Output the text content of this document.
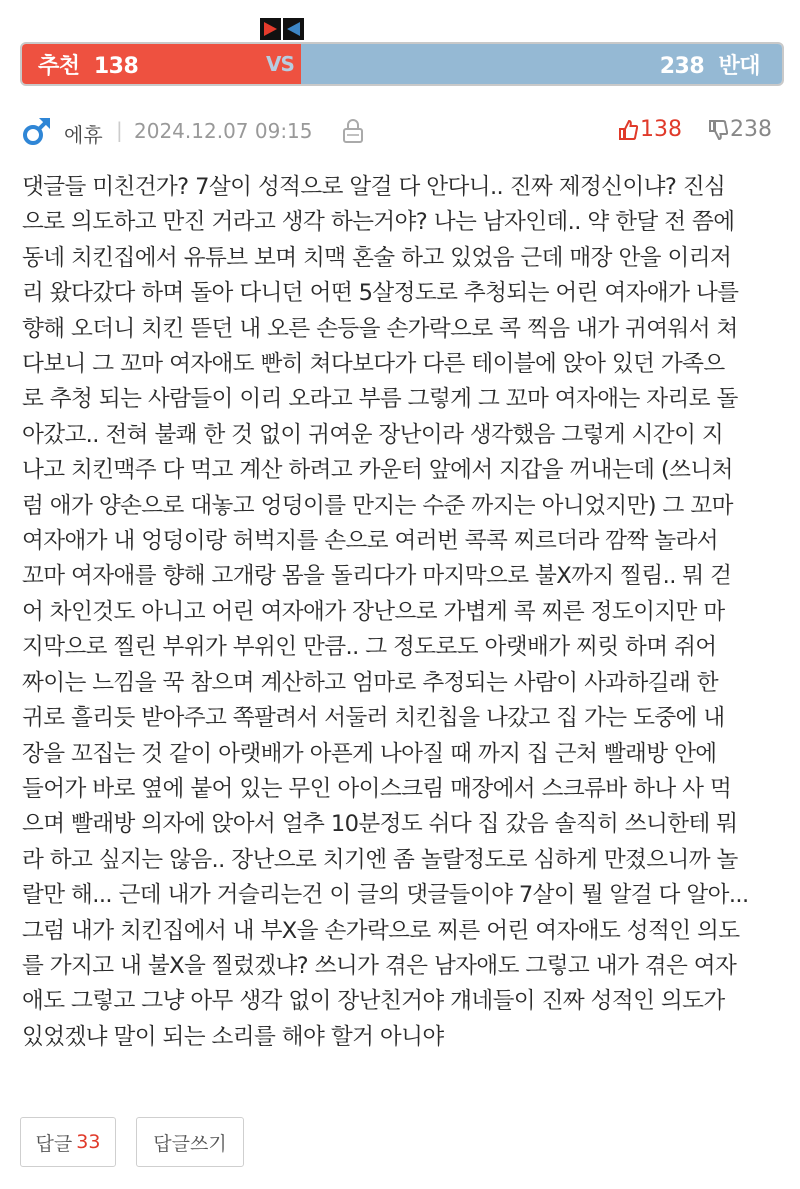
추천 138	238 반대
VS
에휴 | 2024.12.07 09:15	138 238

댓글들 미친건가? 7살이 성적으로 알걸 다 안다니.. 진짜 제정신이냐? 진심

으로 의도하고 만진 거라고 생각 하는거야? 나는 남자인데.. 약 한달 전 쯤에

동네 치킨집에서 유튜브 보며 치맥 혼술 하고 있었음 근데 매장 안을 이리저

리 왔다갔다 하며 돌아 다니던 어떤 5살정도로 추청되는 어린 여자애가 나를

향해 오더니 치킨 뜯던 내 오른 손등을 손가락으로 콕 찍음 내가 귀여워서 쳐

다보니 그 꼬마 여자애도 빤히 쳐다보다가 다른 테이블에 앉아 있던 가족으

로 추청 되는 사람들이 이리 오라고 부름 그렇게 그 꼬마 여자애는 자리로 돌

아갔고.. 전혀 불쾌 한 것 없이 귀여운 장난이라 생각했음 그렇게 시간이 지

나고 치킨맥주 다 먹고 계산 하려고 카운터 앞에서 지갑을 꺼내는데 (쓰니처

럼 애가 양손으로 대놓고 엉덩이를 만지는 수준 까지는 아니었지만) 그 꼬마

여자애가 내 엉덩이랑 허벅지를 손으로 여러번 콕콕 찌르더라 깜짝 놀라서

꼬마 여자애를 향해 고개랑 몸을 돌리다가 마지막으로 불X까지 찔림.. 뭐 걷

어 차인것도 아니고 어린 여자애가 장난으로 가볍게 콕 찌른 정도이지만 마

지막으로 찔린 부위가 부위인 만큼.. 그 정도로도 아랫배가 찌릿 하며 쥐어

짜이는 느낌을 꾹 참으며 계산하고 엄마로 추정되는 사람이 사과하길래 한

귀로 흘리듯 받아주고 쪽팔려서 서둘러 치킨칩을 나갔고 집 가는 도중에 내

장을 꼬집는 것 같이 아랫배가 아픈게 나아질 때 까지 집 근처 빨래방 안에

들어가 바로 옆에 붙어 있는 무인 아이스크림 매장에서 스크류바 하나 사 먹

으며 빨래방 의자에 앉아서 얼추 10분정도 쉬다 집 갔음 솔직히 쓰니한테 뭐

라 하고 싶지는 않음.. 장난으로 치기엔 좀 놀랄정도로 심하게 만졌으니까 놀

랄만 해... 근데 내가 거슬리는건 이 글의 댓글들이야 7살이 뭘 알걸 다 알아...

그럼 내가 치킨집에서 내 부X을 손가락으로 찌른 어린 여자애도 성적인 의도

를 가지고 내 불X을 찔렀겠냐? 쓰니가 겪은 남자애도 그렇고 내가 겪은 여자

애도 그렇고 그냥 아무 생각 없이 장난친거야 걔네들이 진짜 성적인 의도가

있었겠냐 말이 되는 소리를 해야 할거 아니야

답글 33	답글쓰기
